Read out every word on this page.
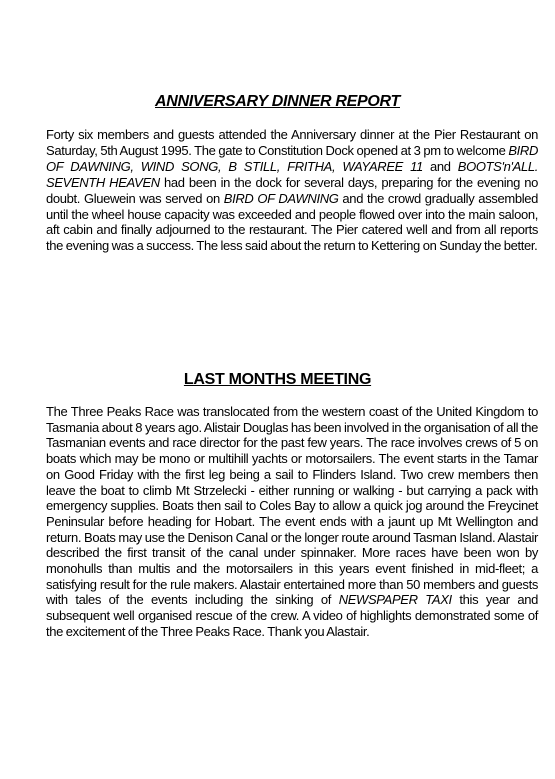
ANNIVERSARY DINNER REPORT
Forty six members and guests attended the Anniversary dinner at the Pier Restaurant on Saturday, 5th August 1995. The gate to Constitution Dock opened at 3 pm to welcome BIRD OF DAWNING, WIND SONG, B STILL, FRITHA, WAYAREE 11 and BOOTS'n'ALL. SEVENTH HEAVEN had been in the dock for several days, preparing for the evening no doubt. Gluewein was served on BIRD OF DAWNING and the crowd gradually assembled until the wheel house capacity was exceeded and people flowed over into the main saloon, aft cabin and finally adjourned to the restaurant. The Pier catered well and from all reports the evening was a success. The less said about the return to Kettering on Sunday the better.
LAST MONTHS MEETING
The Three Peaks Race was translocated from the western coast of the United Kingdom to Tasmania about 8 years ago. Alistair Douglas has been involved in the organisation of all the Tasmanian events and race director for the past few years. The race involves crews of 5 on boats which may be mono or multihill yachts or motorsailers. The event starts in the Tamar on Good Friday with the first leg being a sail to Flinders Island. Two crew members then leave the boat to climb Mt Strzelecki - either running or walking - but carrying a pack with emergency supplies. Boats then sail to Coles Bay to allow a quick jog around the Freycinet Peninsular before heading for Hobart. The event ends with a jaunt up Mt Wellington and return. Boats may use the Denison Canal or the longer route around Tasman Island. Alastair described the first transit of the canal under spinnaker. More races have been won by monohulls than multis and the motorsailers in this years event finished in mid-fleet; a satisfying result for the rule makers. Alastair entertained more than 50 members and guests with tales of the events including the sinking of NEWSPAPER TAXI this year and subsequent well organised rescue of the crew. A video of highlights demonstrated some of the excitement of the Three Peaks Race. Thank you Alastair.
